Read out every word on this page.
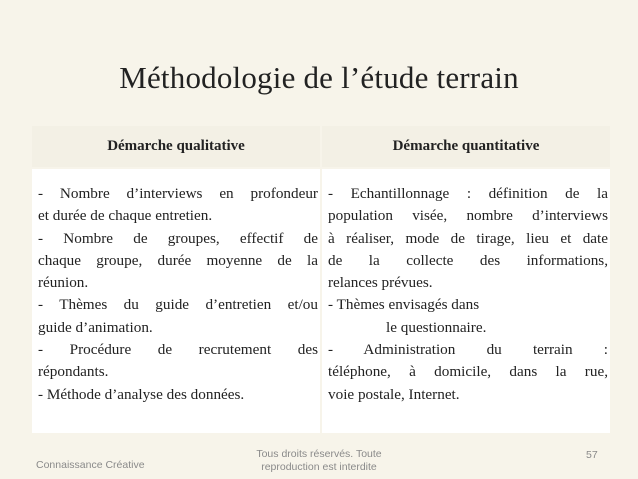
Méthodologie de l’étude terrain
Démarche qualitative	Démarche quantitative
- Nombre d’interviews en profondeur
et durée de chaque entretien.
- Nombre de groupes, effectif de
chaque groupe, durée moyenne de la
réunion.
- Thèmes du guide d’entretien et/ou
guide d’animation.
- Procédure de recrutement des
répondants.
- Méthode d’analyse des données.
- Echantillonnage : définition de la
population visée, nombre d’interviews
à réaliser, mode de tirage, lieu et date
de la collecte des informations,
relances prévues.
- Thèmes envisagés dans
le questionnaire.
- Administration du terrain :
téléphone, à domicile, dans la rue,
voie postale, Internet.
Connaissance Créative
Tous droits réservés. Toute
reproduction est interdite
57
